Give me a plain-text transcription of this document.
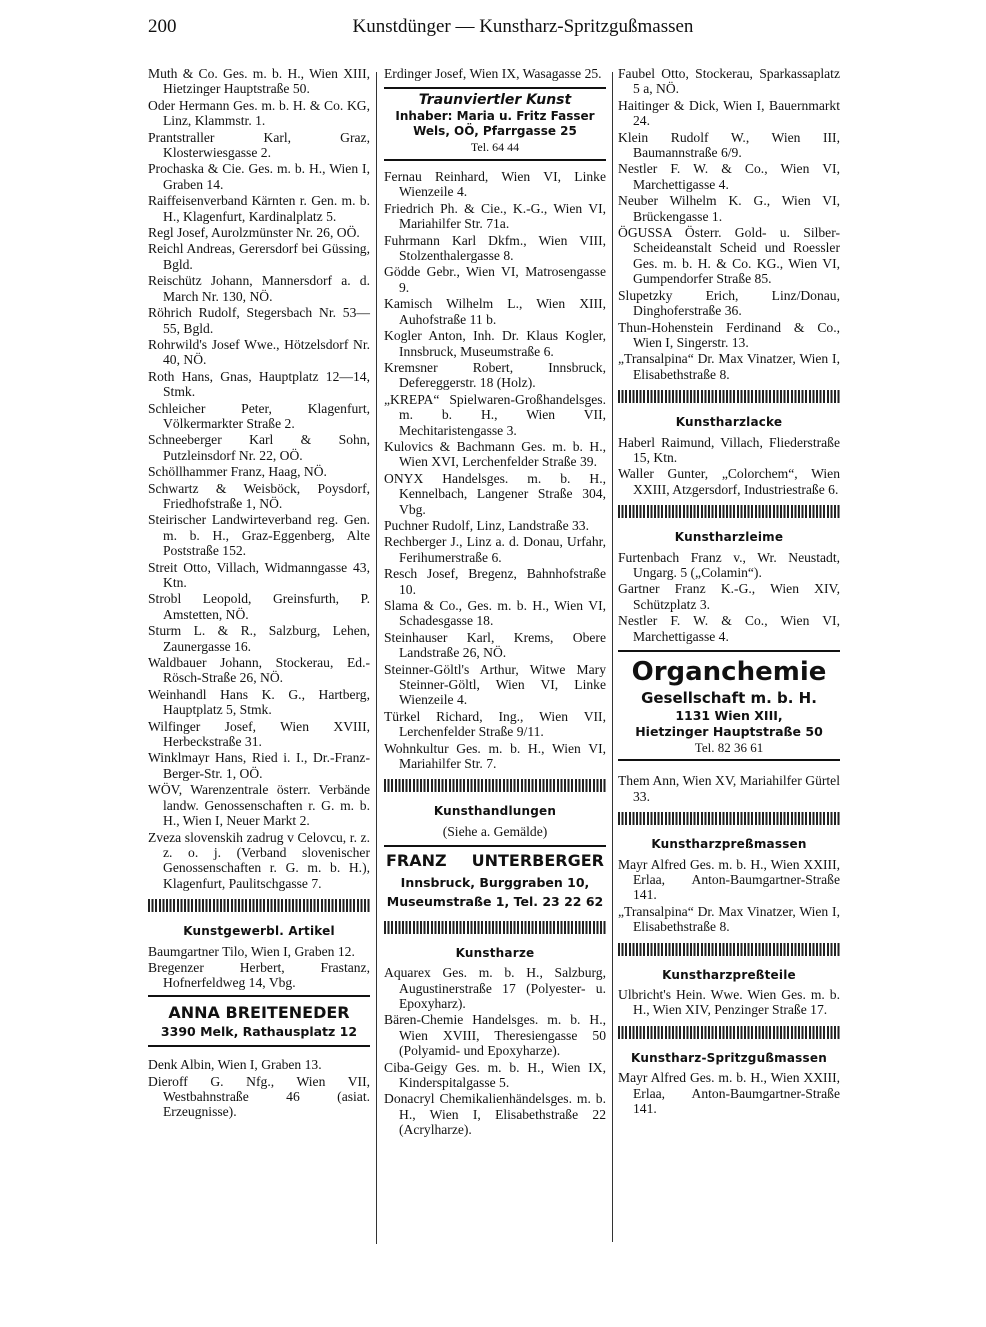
200	Kunstdünger — Kunstharz-Spritzgußmassen
Muth & Co. Ges. m. b. H., Wien XIII, Hietzinger Hauptstraße 50.
Oder Hermann Ges. m. b. H. & Co. KG, Linz, Klammstr. 1.
Prantstraller Karl, Graz, Klosterwiesgasse 2.
Prochaska & Cie. Ges. m. b. H., Wien I, Graben 14.
Raiffeisenverband Kärnten r. Gen. m. b. H., Klagenfurt, Kardinalplatz 5.
Regl Josef, Aurolzmünster Nr. 26, OÖ.
Reichl Andreas, Gerersdorf bei Güssing, Bgld.
Reischütz Johann, Mannersdorf a. d. March Nr. 130, NÖ.
Röhrich Rudolf, Stegersbach Nr. 53—55, Bgld.
Rohrwild's Josef Wwe., Hötzelsdorf Nr. 40, NÖ.
Roth Hans, Gnas, Hauptplatz 12—14, Stmk.
Schleicher Peter, Klagenfurt, Völkermarkter Straße 2.
Schneeberger Karl & Sohn, Putzleinsdorf Nr. 22, OÖ.
Schöllhammer Franz, Haag, NÖ.
Schwartz & Weisböck, Poysdorf, Friedhofstraße 1, NÖ.
Steirischer Landwirteverband reg. Gen. m. b. H., Graz-Eggenberg, Alte Poststraße 152.
Streit Otto, Villach, Widmanngasse 43, Ktn.
Strobl Leopold, Greinsfurth, P. Amstetten, NÖ.
Sturm L. & R., Salzburg, Lehen, Zaunergasse 16.
Waldbauer Johann, Stockerau, Ed.-Rösch-Straße 26, NÖ.
Weinhandl Hans K. G., Hartberg, Hauptplatz 5, Stmk.
Wilfinger Josef, Wien XVIII, Herbeckstraße 31.
Winklmayr Hans, Ried i. I., Dr.-Franz-Berger-Str. 1, OÖ.
WÖV, Warenzentrale österr. Verbände landw. Genossenschaften r. G. m. b. H., Wien I, Neuer Markt 2.
Zveza slovenskih zadrug v Celovcu, r. z. z. o. j. (Verband slovenischer Genossenschaften r. G. m. b. H.), Klagenfurt, Paulitschgasse 7.
Kunstgewerbl. Artikel
Baumgartner Tilo, Wien I, Graben 12.
Bregenzer Herbert, Frastanz, Hofnerfeldweg 14, Vbg.
ANNA BREITENEDER
3390 Melk, Rathausplatz 12
Denk Albin, Wien I, Graben 13.
Dieroff G. Nfg., Wien VII, Westbahnstraße 46 (asiat. Erzeugnisse).
Erdinger Josef, Wien IX, Wasagasse 25.
Traunviertler Kunst
Inhaber: Maria u. Fritz Fasser
Wels, OÖ, Pfarrgasse 25
Tel. 64 44
Fernau Reinhard, Wien VI, Linke Wienzeile 4.
Friedrich Ph. & Cie., K.-G., Wien VI, Mariahilfer Str. 71a.
Fuhrmann Karl Dkfm., Wien VIII, Stolzenthalergasse 8.
Gödde Gebr., Wien VI, Matrosengasse 9.
Kamisch Wilhelm L., Wien XIII, Auhofstraße 11 b.
Kogler Anton, Inh. Dr. Klaus Kogler, Innsbruck, Museumstraße 6.
Kremsner Robert, Innsbruck, Defereggerstr. 18 (Holz).
„KREPA“ Spielwaren-Großhandelsges. m. b. H., Wien VII, Mechitaristengasse 3.
Kulovics & Bachmann Ges. m. b. H., Wien XVI, Lerchenfelder Straße 39.
ONYX Handelsges. m. b. H., Kennelbach, Langener Straße 304, Vbg.
Puchner Rudolf, Linz, Landstraße 33.
Rechberger J., Linz a. d. Donau, Urfahr, Ferihumerstraße 6.
Resch Josef, Bregenz, Bahnhofstraße 10.
Slama & Co., Ges. m. b. H., Wien VI, Schadesgasse 18.
Steinhauser Karl, Krems, Obere Landstraße 26, NÖ.
Steinner-Göltl's Arthur, Witwe Mary Steinner-Göltl, Wien VI, Linke Wienzeile 4.
Türkel Richard, Ing., Wien VII, Lerchenfelder Straße 9/11.
Wohnkultur Ges. m. b. H., Wien VI, Mariahilfer Str. 7.
Kunsthandlungen
(Siehe a. Gemälde)
FRANZ UNTERBERGER
Innsbruck, Burggraben 10,
Museumstraße 1, Tel. 23 22 62
Kunstharze
Aquarex Ges. m. b. H., Salzburg, Augustinerstraße 17 (Polyester- u. Epoxyharz).
Bären-Chemie Handelsges. m. b. H., Wien XVIII, Theresiengasse 50 (Polyamid- und Epoxyharze).
Ciba-Geigy Ges. m. b. H., Wien IX, Kinderspitalgasse 5.
Donacryl Chemikalienhändelsges. m. b. H., Wien I, Elisabethstraße 22 (Acrylharze).
Faubel Otto, Stockerau, Sparkassaplatz 5 a, NÖ.
Haitinger & Dick, Wien I, Bauernmarkt 24.
Klein Rudolf W., Wien III, Baumannstraße 6/9.
Nestler F. W. & Co., Wien VI, Marchettigasse 4.
Neuber Wilhelm K. G., Wien VI, Brückengasse 1.
ÖGUSSA Österr. Gold- u. Silber-Scheideanstalt Scheid und Roessler Ges. m. b. H. & Co. KG., Wien VI, Gumpendorfer Straße 85.
Slupetzky Erich, Linz/Donau, Dinghoferstraße 36.
Thun-Hohenstein Ferdinand & Co., Wien I, Singerstr. 13.
„Transalpina“ Dr. Max Vinatzer, Wien I, Elisabethstraße 8.
Kunstharzlacke
Haberl Raimund, Villach, Fliederstraße 15, Ktn.
Waller Gunter, „Colorchem“, Wien XXIII, Atzgersdorf, Industriestraße 6.
Kunstharzleime
Furtenbach Franz v., Wr. Neustadt, Ungarg. 5 („Colamin“).
Gartner Franz K.-G., Wien XIV, Schützplatz 3.
Nestler F. W. & Co., Wien VI, Marchettigasse 4.
Organchemie
Gesellschaft m. b. H.
1131 Wien XIII,
Hietzinger Hauptstraße 50
Tel. 82 36 61
Them Ann, Wien XV, Mariahilfer Gürtel 33.
Kunstharzpreßmassen
Mayr Alfred Ges. m. b. H., Wien XXIII, Erlaa, Anton-Baumgartner-Straße 141.
„Transalpina“ Dr. Max Vinatzer, Wien I, Elisabethstraße 8.
Kunstharzpreßteile
Ulbricht's Hein. Wwe. Wien Ges. m. b. H., Wien XIV, Penzinger Straße 17.
Kunstharz-Spritzgußmassen
Mayr Alfred Ges. m. b. H., Wien XXIII, Erlaa, Anton-Baumgartner-Straße 141.
